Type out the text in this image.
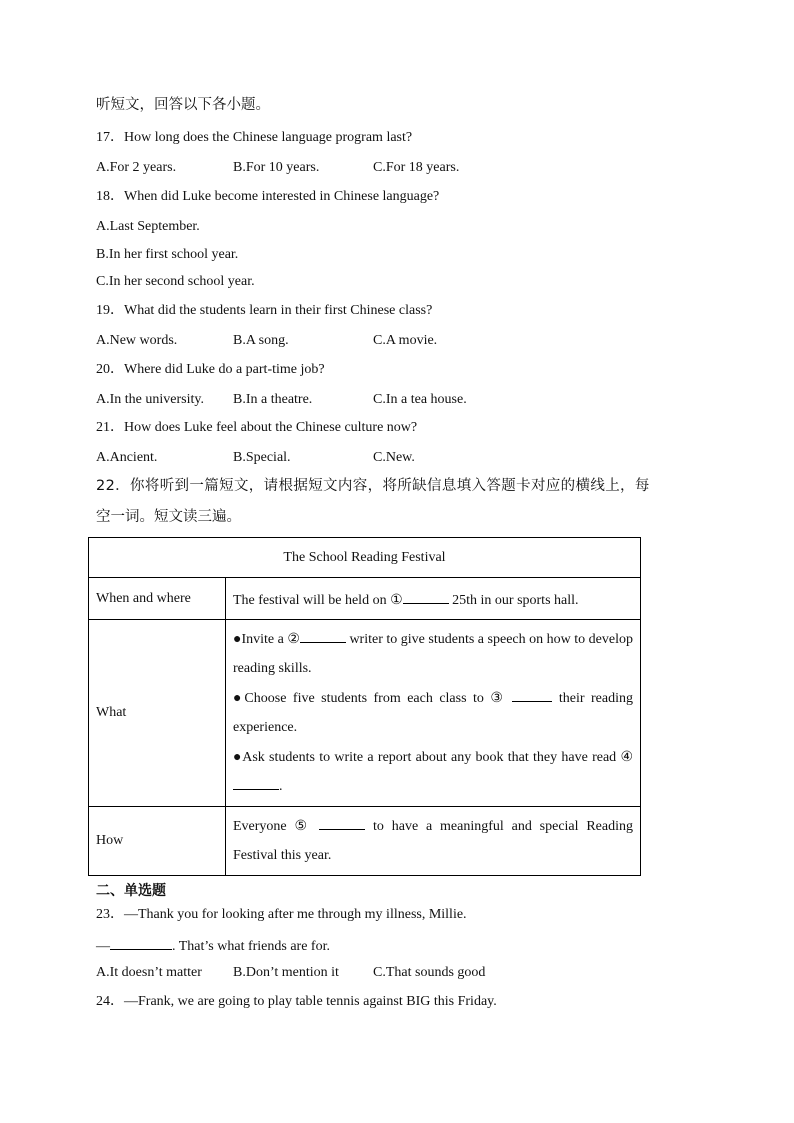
听短文，回答以下各小题。
17．How long does the Chinese language program last?
A.For 2 years.	B.For 10 years.	C.For 18 years.
18．When did Luke become interested in Chinese language?
A.Last September.
B.In her first school year.
C.In her second school year.
19．What did the students learn in their first Chinese class?
A.New words.	B.A song.	C.A movie.
20．Where did Luke do a part-time job?
A.In the university. B.In a theatre.	C.In a tea house.
21．How does Luke feel about the Chinese culture now?
A.Ancient.	B.Special.	C.New.
22．你将听到一篇短文，请根据短文内容，将所缺信息填入答题卡对应的横线上，每
空一词。短文读三遍。
The School Reading Festival	
When and where	The festival will be held on ① 25th in our sports hall.
What	●Invite a ② writer to give students a speech on how to develop reading skills.
●Choose five students from each class to ③ their reading experience.
●Ask students to write a report about any book that they have read ④.

How	Everyone ⑤ to have a meaningful and special Reading Festival this year.
二、单选题
23．—Thank you for looking after me through my illness, Millie.
—	. That’s what friends are for.
A.It doesn’t matter B.Don’t mention it C.That sounds good
24．—Frank, we are going to play table tennis against BIG this Friday.
